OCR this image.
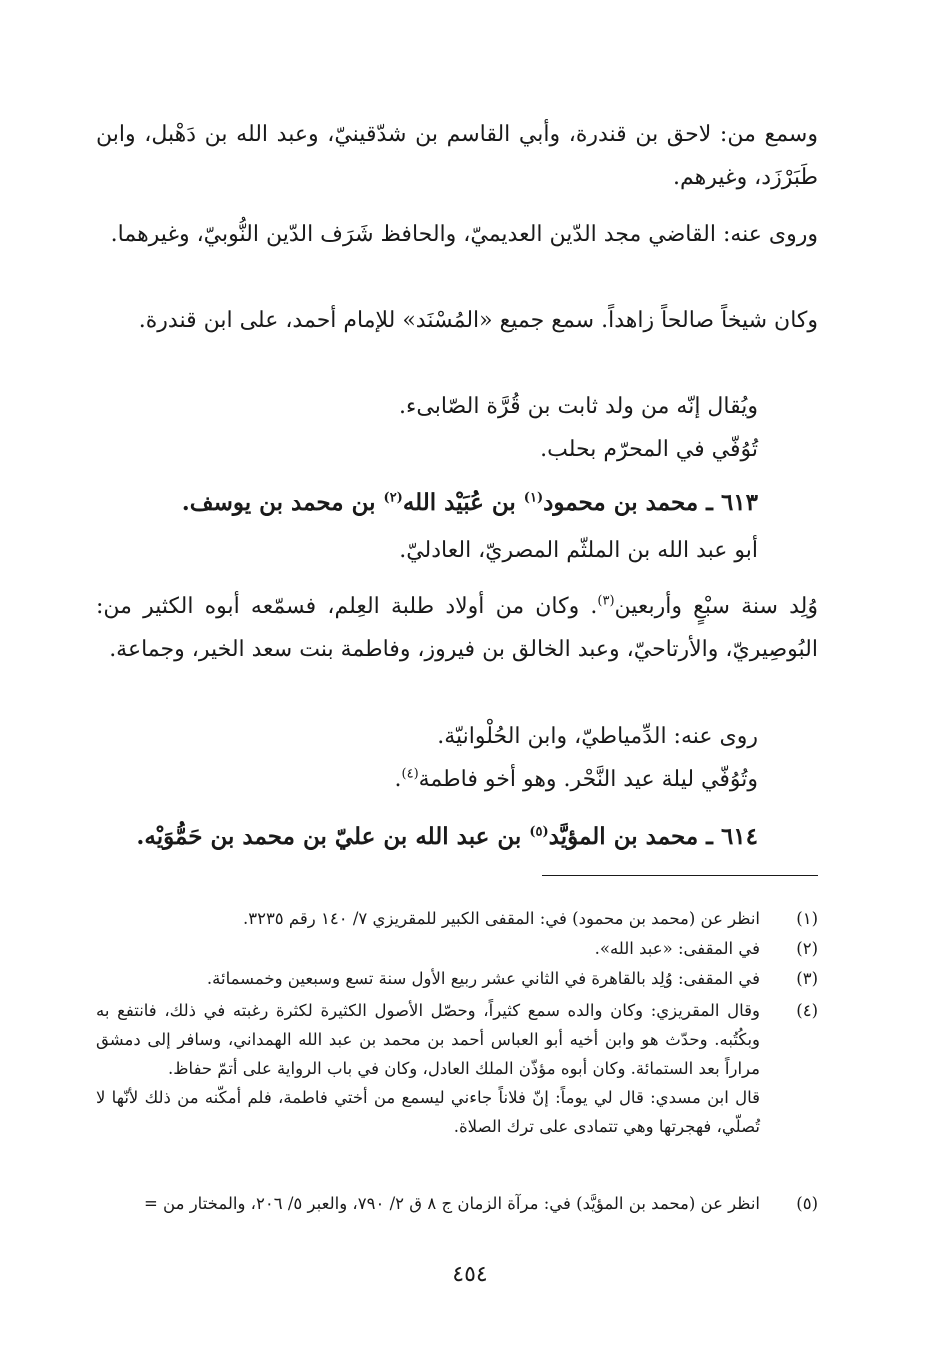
وسمع من: لاحق بن قندرة، وأبي القاسم بن شدّقينيّ، وعبد الله بن دَهْبل، وابن طَبَرْزَد، وغيرهم.

وروى عنه: القاضي مجد الدّين العديميّ، والحافظ شَرَف الدّين النُّوبيّ، وغيرهما.

وكان شيخاً صالحاً زاهداً. سمع جميع «المُسْنَد» للإمام أحمد، على ابن قندرة.

ويُقال إنّه من ولد ثابت بن قُرَّة الصّابىء.

تُوُفّي في المحرّم بحلب.

٦١٣ ـ محمد بن محمود$^{(١)}$ بن عُبَيْد الله$^{(٢)}$ بن محمد بن يوسف.

أبو عبد الله بن الملثّم المصريّ، العادليّ.

وُلِد سنة سبْعٍ وأربعين$^{(٣)}$. وكان من أولاد طلبة العِلم، فسمّعه أبوه الكثير من: البُوصِيريّ، والأرتاحيّ، وعبد الخالق بن فيروز، وفاطمة بنت سعد الخير، وجماعة.

روى عنه: الدِّمياطيّ، وابن الحُلْوانيّة.

وتُوُفّي ليلة عيد النَّحْر. وهو أخو فاطمة$^{(٤)}$.

٦١٤ ـ محمد بن المؤيَّد$^{(٥)}$ بن عبد الله بن عليّ بن محمد بن حَمُّوَيْه.

(١)
انظر عن (محمد بن محمود) في: المقفى الكبير للمقريزي ٧/ ١٤٠ رقم ٣٢٣٥.
(٢)
في المقفى: «عبد الله».
(٣)
في المقفى: وُلِد بالقاهرة في الثاني عشر ربيع الأول سنة تسع وسبعين وخمسمائة.
(٤)
وقال المقريزي: وكان والده سمع كثيراً، وحصّل الأصول الكثيرة لكثرة رغبته في ذلك، فانتفع به وبكُتُبه. وحدّث هو وابن أخيه أبو العباس أحمد بن محمد بن عبد الله الهمداني، وسافر إلى دمشق مراراً بعد الستمائة. وكان أبوه مؤذّن الملك العادل، وكان في باب الرواية على أتمّ حفاظ.
قال ابن مسدي: قال لي يوماً: إنّ فلاناً جاءني ليسمع من أختي فاطمة، فلم أمكّنه من ذلك لأنّها لا تُصلّي، فهجرتها وهي تتمادى على ترك الصلاة.
(٥)
انظر عن (محمد بن المؤيَّد) في: مرآة الزمان ج ٨ ق ٢/ ٧٩٠، والعبر ٥/ ٢٠٦، والمختار من =
٤٥٤
